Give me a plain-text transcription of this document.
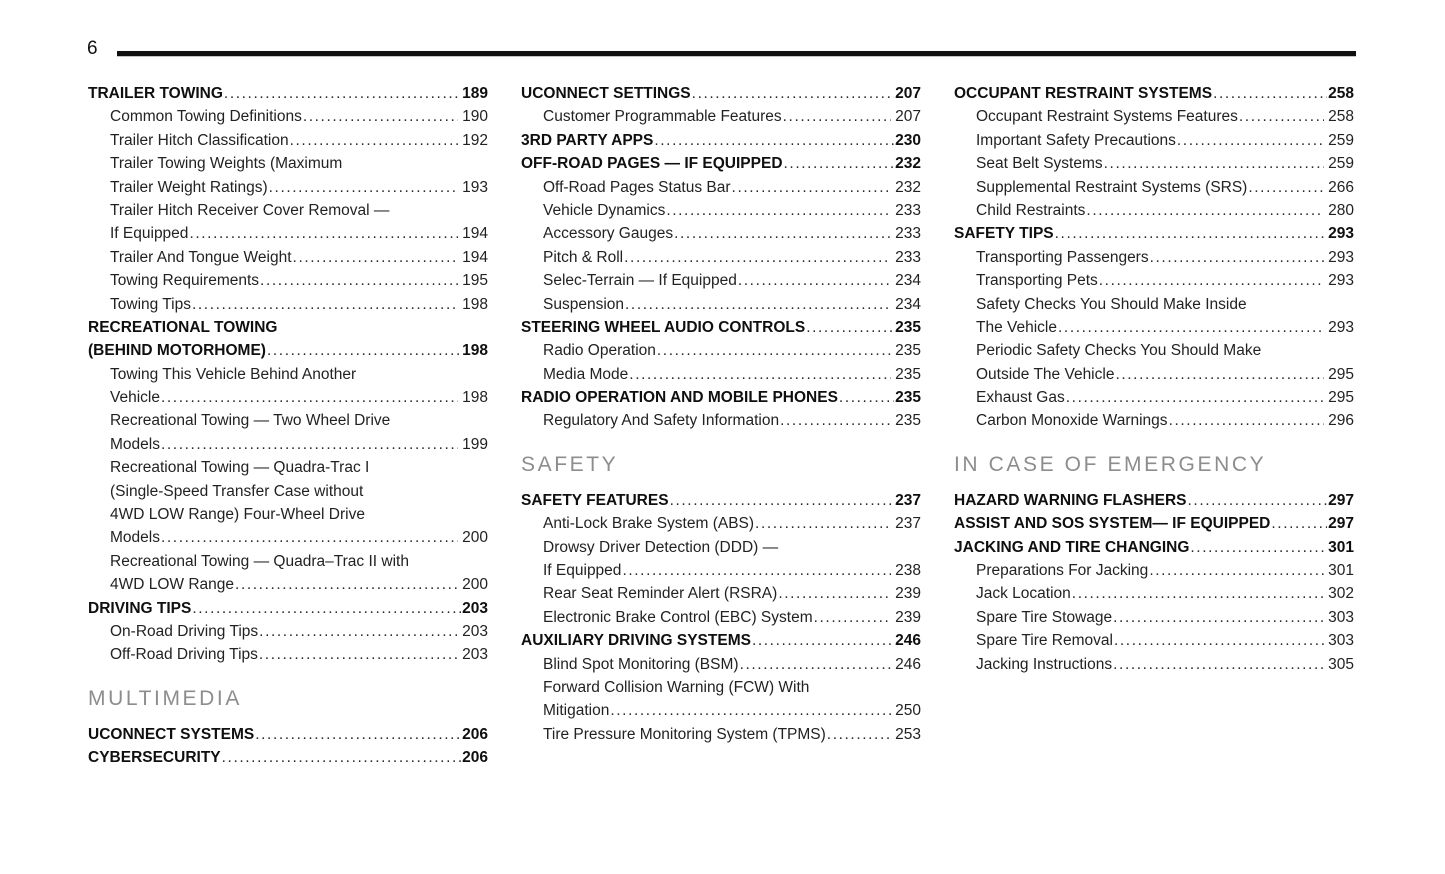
6
TRAILER TOWING .....	189
Common Towing Definitions .....	190
Trailer Hitch Classification .....	192
Trailer Towing Weights (Maximum
Trailer Weight Ratings) .....	193
Trailer Hitch Receiver Cover Removal —
If Equipped .....	194
Trailer And Tongue Weight .....	194
Towing Requirements .....	195
Towing Tips .....	198
RECREATIONAL TOWING
(BEHIND MOTORHOME) .....	198
Towing This Vehicle Behind Another
Vehicle .....	198
Recreational Towing — Two Wheel Drive
Models .....	199
Recreational Towing — Quadra-Trac I
(Single-Speed Transfer Case without
4WD LOW Range) Four-Wheel Drive
Models .....	200
Recreational Towing — Quadra–Trac II with
4WD LOW Range .....	200
DRIVING TIPS .....	203
On-Road Driving Tips .....	203
Off-Road Driving Tips .....	203
MULTIMEDIA
UCONNECT SYSTEMS .....	206
CYBERSECURITY .....	206
UCONNECT SETTINGS .....	207
Customer Programmable Features .....	207
3RD PARTY APPS .....	230
OFF-ROAD PAGES — IF EQUIPPED .....	232
Off-Road Pages Status Bar .....	232
Vehicle Dynamics .....	233
Accessory Gauges .....	233
Pitch & Roll .....	233
Selec-Terrain — If Equipped .....	234
Suspension .....	234
STEERING WHEEL AUDIO CONTROLS .....	235
Radio Operation .....	235
Media Mode .....	235
RADIO OPERATION AND MOBILE PHONES .....	235
Regulatory And Safety Information .....	235
SAFETY
SAFETY FEATURES .....	237
Anti-Lock Brake System (ABS) .....	237
Drowsy Driver Detection (DDD) —
If Equipped .....	238
Rear Seat Reminder Alert (RSRA) .....	239
Electronic Brake Control (EBC) System .....	239
AUXILIARY DRIVING SYSTEMS .....	246
Blind Spot Monitoring (BSM) .....	246
Forward Collision Warning (FCW) With
Mitigation .....	250
Tire Pressure Monitoring System (TPMS) .....	253
OCCUPANT RESTRAINT SYSTEMS .....	258
Occupant Restraint Systems Features .....	258
Important Safety Precautions .....	259
Seat Belt Systems .....	259
Supplemental Restraint Systems (SRS) .....	266
Child Restraints .....	280
SAFETY TIPS .....	293
Transporting Passengers .....	293
Transporting Pets .....	293
Safety Checks You Should Make Inside
The Vehicle .....	293
Periodic Safety Checks You Should Make
Outside The Vehicle .....	295
Exhaust Gas .....	295
Carbon Monoxide Warnings .....	296
IN CASE OF EMERGENCY
HAZARD WARNING FLASHERS .....	297
ASSIST AND SOS SYSTEM— IF EQUIPPED .....	297
JACKING AND TIRE CHANGING .....	301
Preparations For Jacking .....	301
Jack Location .....	302
Spare Tire Stowage .....	303
Spare Tire Removal .....	303
Jacking Instructions .....	305
